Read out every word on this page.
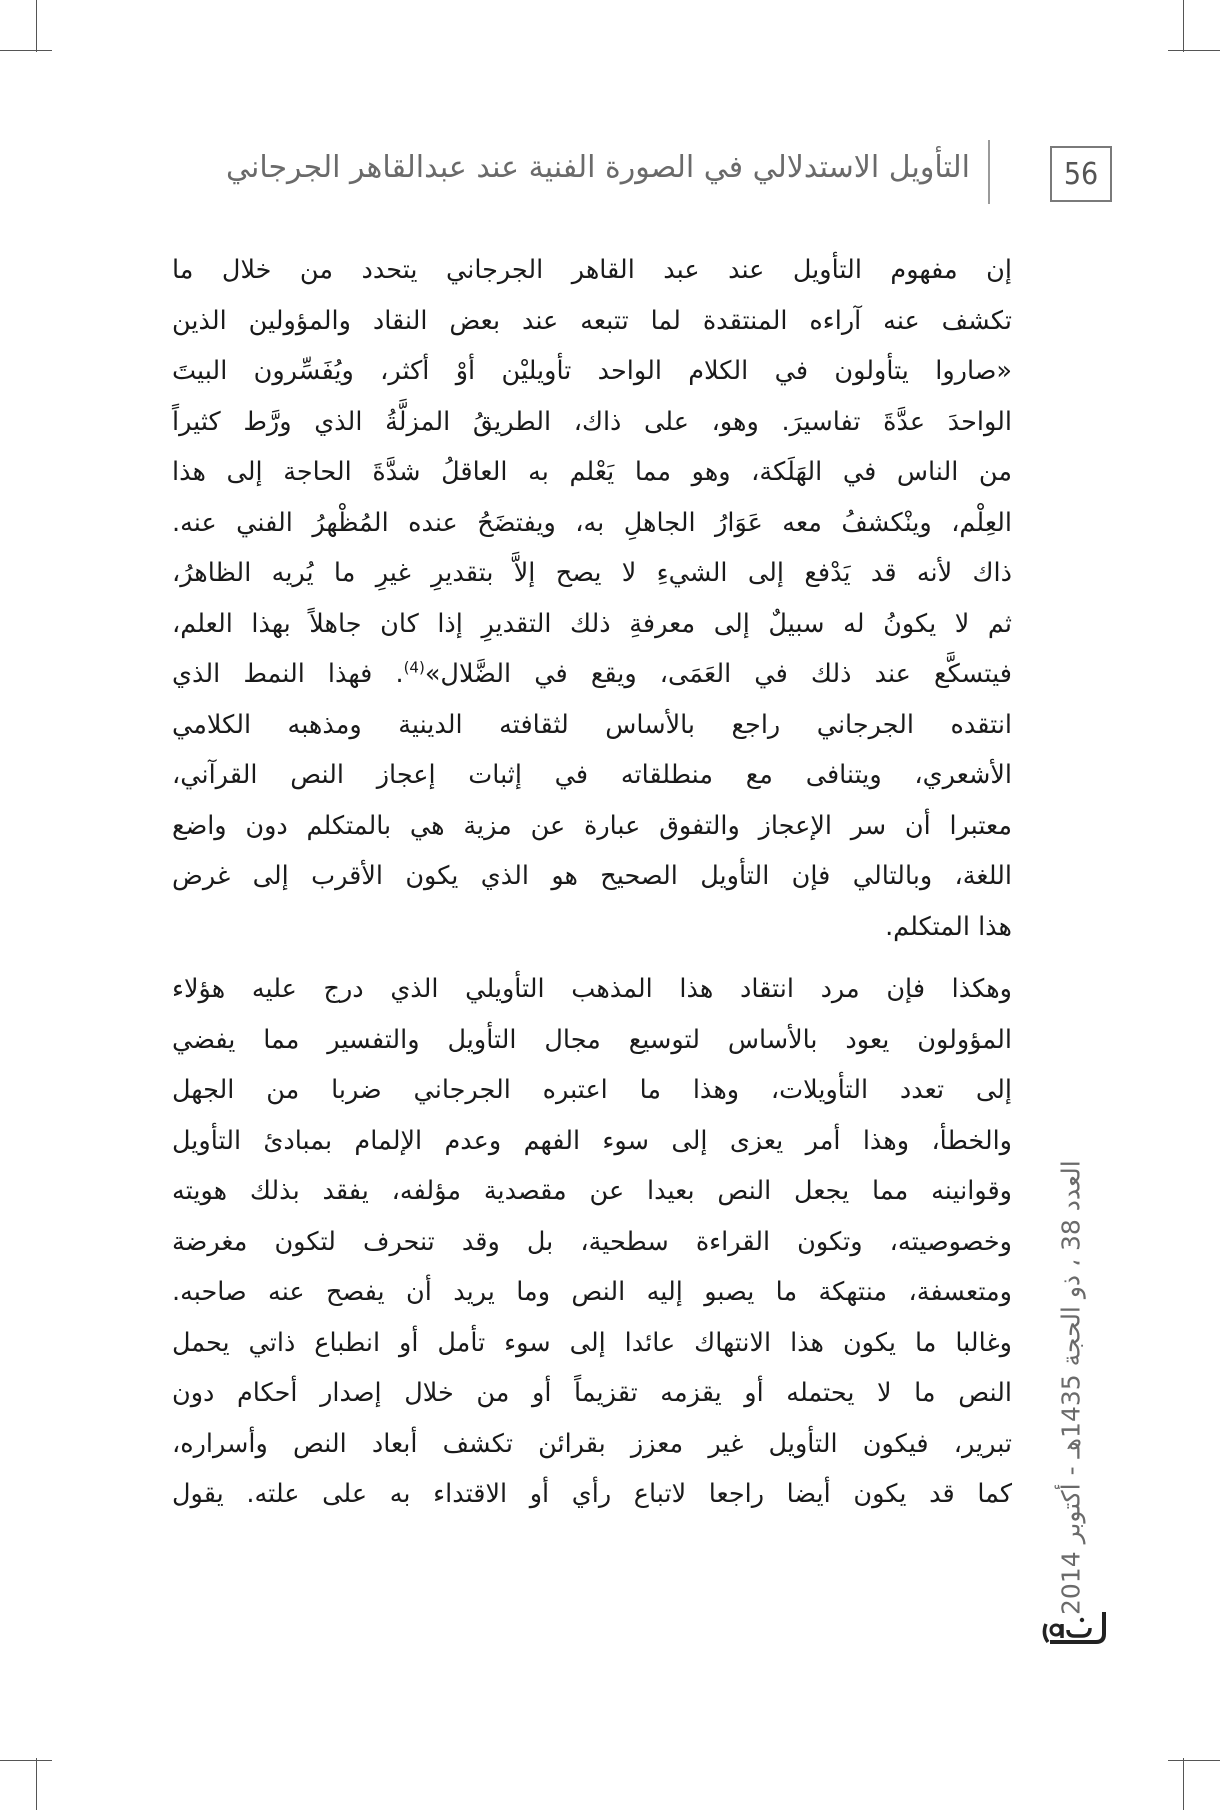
56
التأويل الاستدلالي في الصورة الفنية عند عبدالقاهر الجرجاني
إن مفهوم التأويل عند عبد القاهر الجرجاني يتحدد من خلال ما
تكشف عنه آراءه المنتقدة لما تتبعه عند بعض النقاد والمؤولين الذين
«صاروا يتأولون في الكلام الواحد تأويليْن أوْ أكثر، ويُفَسِّرون البيتَ
الواحدَ عدَّةَ تفاسيرَ. وهو، على ذاك، الطريقُ المزلَّةُ الذي ورَّط كثيراً
من الناس في الهَلَكة، وهو مما يَعْلم به العاقلُ شدَّةَ الحاجة إلى هذا
العِلْم، وينْكشفُ معه عَوَارُ الجاهلِ به، ويفتضَحُ عنده المُظْهرُ الفني عنه.
ذاك لأنه قد يَدْفع إلى الشيءِ لا يصح إلاَّ بتقديرِ غيرِ ما يُريه الظاهرُ،
ثم لا يكونُ له سبيلٌ إلى معرفةِ ذلك التقديرِ إذا كان جاهلاً بهذا العلم،
فيتسكَّع عند ذلك في العَمَى، ويقع في الضَّلال»$^{(4)}$. فهذا النمط الذي
انتقده الجرجاني راجع بالأساس لثقافته الدينية ومذهبه الكلامي
الأشعري، ويتنافى مع منطلقاته في إثبات إعجاز النص القرآني،
معتبرا أن سر الإعجاز والتفوق عبارة عن مزية هي بالمتكلم دون واضع
اللغة، وبالتالي فإن التأويل الصحيح هو الذي يكون الأقرب إلى غرض
هذا المتكلم.
وهكذا فإن مرد انتقاد هذا المذهب التأويلي الذي درج عليه هؤلاء
المؤولون يعود بالأساس لتوسيع مجال التأويل والتفسير مما يفضي
إلى تعدد التأويلات، وهذا ما اعتبره الجرجاني ضربا من الجهل
والخطأ، وهذا أمر يعزى إلى سوء الفهم وعدم الإلمام بمبادئ التأويل
وقوانينه مما يجعل النص بعيدا عن مقصدية مؤلفه، يفقد بذلك هويته
وخصوصيته، وتكون القراءة سطحية، بل وقد تنحرف لتكون مغرضة
ومتعسفة، منتهكة ما يصبو إليه النص وما يريد أن يفصح عنه صاحبه.
وغالبا ما يكون هذا الانتهاك عائدا إلى سوء تأمل أو انطباع ذاتي يحمل
النص ما لا يحتمله أو يقزمه تقزيماً أو من خلال إصدار أحكام دون
تبرير، فيكون التأويل غير معزز بقرائن تكشف أبعاد النص وأسراره،
كما قد يكون أيضا راجعا لاتباع رأي أو الاقتداء به على علته. يقول
العدد 38 ، ذو الحجة 1435هـ - أكتوبر 2014
